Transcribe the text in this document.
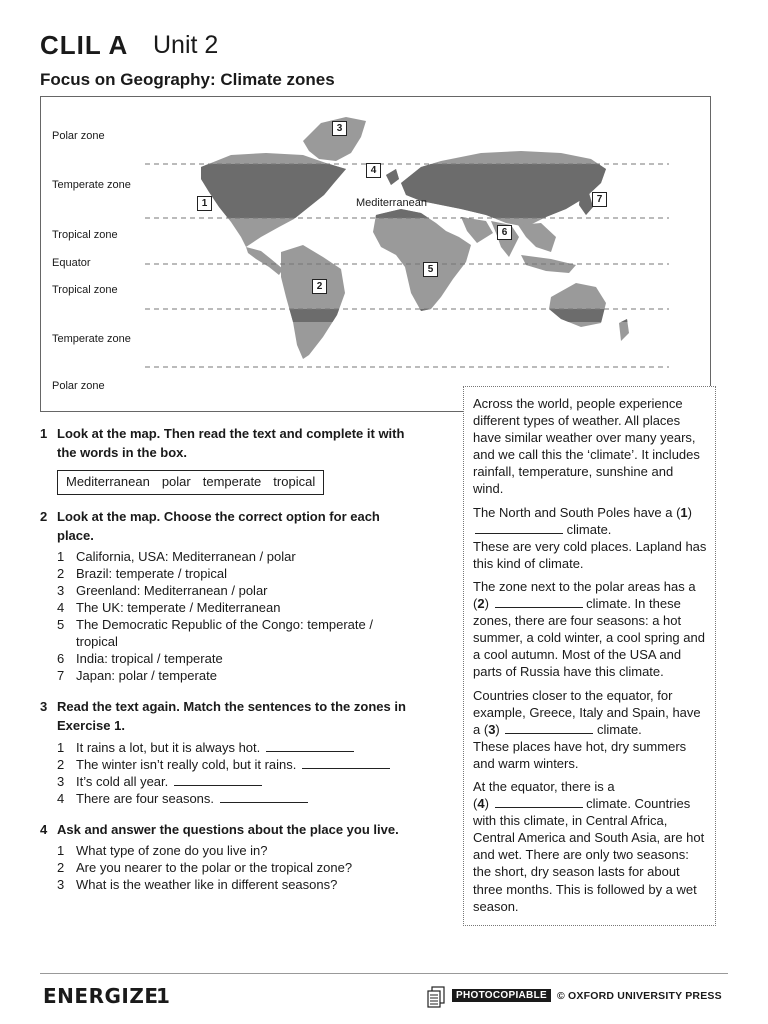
CLIL A Unit 2
Focus on Geography: Climate zones
Polar zone
Temperate zone
Tropical zone
Equator
Tropical zone
Temperate zone
Polar zone
Mediterranean
1
2
3
4
5
6
7
1 Look at the map. Then read the text and complete it with
the words in the box.
Mediterranean polar temperate tropical
2 Look at the map. Choose the correct option for each
place.
1 California, USA: Mediterranean / polar
2 Brazil: temperate / tropical
3 Greenland: Mediterranean / polar
4 The UK: temperate / Mediterranean
5 The Democratic Republic of the Congo: temperate /
tropical
6 India: tropical / temperate
7 Japan: polar / temperate
3 Read the text again. Match the sentences to the zones in
Exercise 1.
1 It rains a lot, but it is always hot.
2 The winter isn’t really cold, but it rains.
3 It’s cold all year.
4 There are four seasons.
4 Ask and answer the questions about the place you live.
1 What type of zone do you live in?
2 Are you nearer to the polar or the tropical zone?
3 What is the weather like in different seasons?

Across the world, people experience different types of weather. All places have similar weather over many years, and we call this the ‘climate’. It includes rainfall, temperature, sunshine and wind.

The North and South Poles have a (1)  climate.
These are very cold places. Lapland has this kind of climate.

The zone next to the polar areas has a (2)	climate. In these zones, there are four seasons: a hot summer, a cold winter, a cool spring and a cool autumn. Most of the USA and parts of Russia have this climate.

Countries closer to the equator, for example, Greece, Italy and Spain, have a (3)	climate.
These places have hot, dry summers and warm winters.

At the equator, there is a
(4)	climate. Countries with this climate, in Central Africa, Central America and South Asia, are hot and wet. There are only two seasons: the short, dry season lasts for about three months. This is followed by a wet season.

ENERGIZE
1	PHOTOCOPIABLE © OXFORD UNIVERSITY PRESS
